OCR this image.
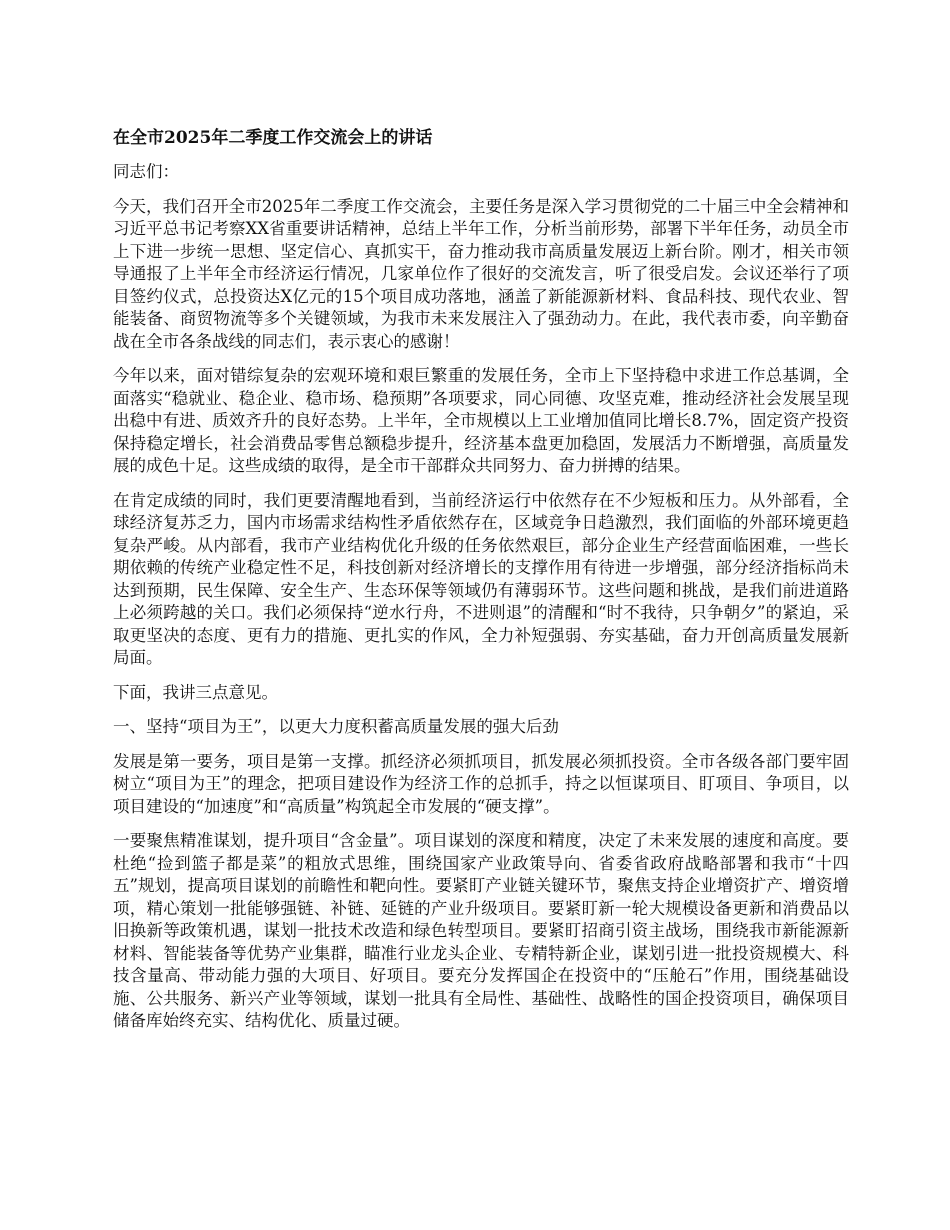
在全市2025年二季度工作交流会上的讲话

同志们：

今天，我们召开全市2025年二季度工作交流会，主要任务是深入学习贯彻党的二十届三中全会精神和习近平总书记考察XX省重要讲话精神，总结上半年工作，分析当前形势，部署下半年任务，动员全市上下进一步统一思想、坚定信心、真抓实干，奋力推动我市高质量发展迈上新台阶。刚才，相关市领导通报了上半年全市经济运行情况，几家单位作了很好的交流发言，听了很受启发。会议还举行了项目签约仪式，总投资达X亿元的15个项目成功落地，涵盖了新能源新材料、食品科技、现代农业、智能装备、商贸物流等多个关键领域，为我市未来发展注入了强劲动力。在此，我代表市委，向辛勤奋战在全市各条战线的同志们，表示衷心的感谢！

今年以来，面对错综复杂的宏观环境和艰巨繁重的发展任务，全市上下坚持稳中求进工作总基调，全面落实“稳就业、稳企业、稳市场、稳预期”各项要求，同心同德、攻坚克难，推动经济社会发展呈现出稳中有进、质效齐升的良好态势。上半年，全市规模以上工业增加值同比增长8.7%，固定资产投资保持稳定增长，社会消费品零售总额稳步提升，经济基本盘更加稳固，发展活力不断增强，高质量发展的成色十足。这些成绩的取得，是全市干部群众共同努力、奋力拼搏的结果。

在肯定成绩的同时，我们更要清醒地看到，当前经济运行中依然存在不少短板和压力。从外部看，全球经济复苏乏力，国内市场需求结构性矛盾依然存在，区域竞争日趋激烈，我们面临的外部环境更趋复杂严峻。从内部看，我市产业结构优化升级的任务依然艰巨，部分企业生产经营面临困难，一些长期依赖的传统产业稳定性不足，科技创新对经济增长的支撑作用有待进一步增强，部分经济指标尚未达到预期，民生保障、安全生产、生态环保等领域仍有薄弱环节。这些问题和挑战，是我们前进道路上必须跨越的关口。我们必须保持“逆水行舟，不进则退”的清醒和“时不我待，只争朝夕”的紧迫，采取更坚决的态度、更有力的措施、更扎实的作风，全力补短强弱、夯实基础，奋力开创高质量发展新局面。

下面，我讲三点意见。

一、坚持“项目为王”，以更大力度积蓄高质量发展的强大后劲

发展是第一要务，项目是第一支撑。抓经济必须抓项目，抓发展必须抓投资。全市各级各部门要牢固树立“项目为王”的理念，把项目建设作为经济工作的总抓手，持之以恒谋项目、盯项目、争项目，以项目建设的“加速度”和“高质量”构筑起全市发展的“硬支撑”。

一要聚焦精准谋划，提升项目“含金量”。项目谋划的深度和精度，决定了未来发展的速度和高度。要杜绝“捡到篮子都是菜”的粗放式思维，围绕国家产业政策导向、省委省政府战略部署和我市“十四五”规划，提高项目谋划的前瞻性和靶向性。要紧盯产业链关键环节，聚焦支持企业增资扩产、增资增项，精心策划一批能够强链、补链、延链的产业升级项目。要紧盯新一轮大规模设备更新和消费品以旧换新等政策机遇，谋划一批技术改造和绿色转型项目。要紧盯招商引资主战场，围绕我市新能源新材料、智能装备等优势产业集群，瞄准行业龙头企业、专精特新企业，谋划引进一批投资规模大、科技含量高、带动能力强的大项目、好项目。要充分发挥国企在投资中的“压舱石”作用，围绕基础设施、公共服务、新兴产业等领域，谋划一批具有全局性、基础性、战略性的国企投资项目，确保项目储备库始终充实、结构优化、质量过硬。
